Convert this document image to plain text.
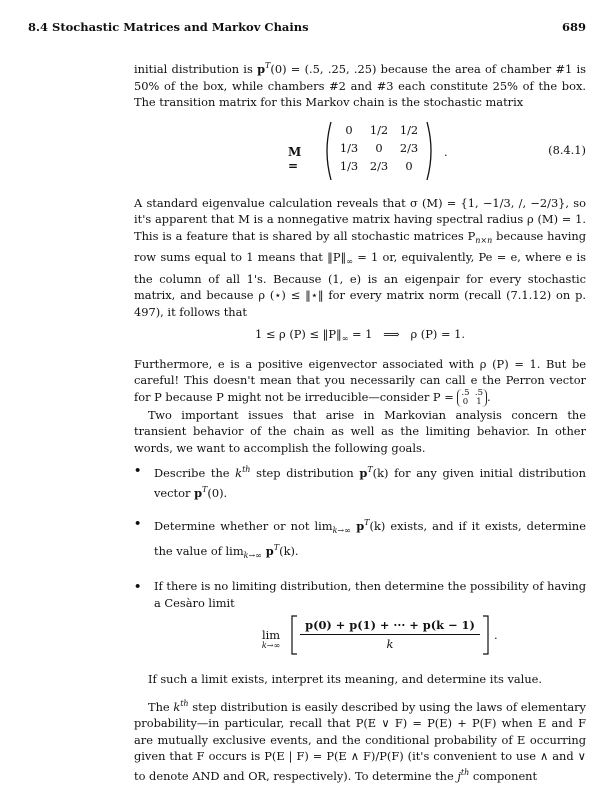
8.4 Stochastic Matrices and Markov Chains	689

initial distribution is $p^T(0) = (.5$, .25, .25) because the area of chamber #1 is 50% of the box, while chambers #2 and #3 each constitute 25% of the box. The transition matrix for this Markov chain is the stochastic matrix

M =
0	1/2	1/2
1/3	0	2/3
1/3	2/3	0
.	(8.4.1)

A standard eigenvalue calculation reveals that σ (M) = {1, −1/3, /, −2/3}, so it's apparent that M is a nonnegative matrix having spectral radius ρ (M) = 1. This is a feature that is shared by all stochastic matrices $P_{n\times n}$ because having row sums equal to 1 means that $‖P‖_\infty = 1$ or, equivalently, Pe = e, where e is the column of all 1's. Because (1, e) is an eigenpair for every stochastic matrix, and because ρ (⋆) ≤ ‖⋆‖ for every matrix norm (recall (7.1.12) on p. 497), it follows that

1 ≤ ρ $(P) \le ‖P‖_\infty = 1$   ⟹   ρ (P) = 1.

Furthermore, e is a positive eigenvector associated with ρ (P) = 1. But be careful! This doesn't mean that you necessarily can call e the Perron vector for P because P might not be irreducible—consider P = .5  .5
0   1 .

Two important issues that arise in Markovian analysis concern the transient behavior of the chain as well as the limiting behavior. In other words, we want to accomplish the following goals.

• Describe the $k^{th}$ step distribution $p^T(k)$ for any given initial distribution vector $p^T(0)$.
• Determine whether or not $\lim_{k\to\infty} p^T(k)$ exists, and if it exists, determine the value of $\lim_{k\to\infty} p^T(k)$.
• If there is no limiting distribution, then determine the possibility of having a Cesàro limit
lim
k→∞
p(0) + p(1) + ··· + p(k − 1)
k
.

If such a limit exists, interpret its meaning, and determine its value.

The $k^{th}$ step distribution is easily described by using the laws of elementary probability—in particular, recall that P(E ∨ F) = P(E) + P(F) when E and F are mutually exclusive events, and the conditional probability of E occurring given that F occurs is P(E | F) = P(E ∧ F)/P(F) (it's convenient to use ∧ and ∨ to denote AND and OR, respectively). To determine the $j^{th}$ component
